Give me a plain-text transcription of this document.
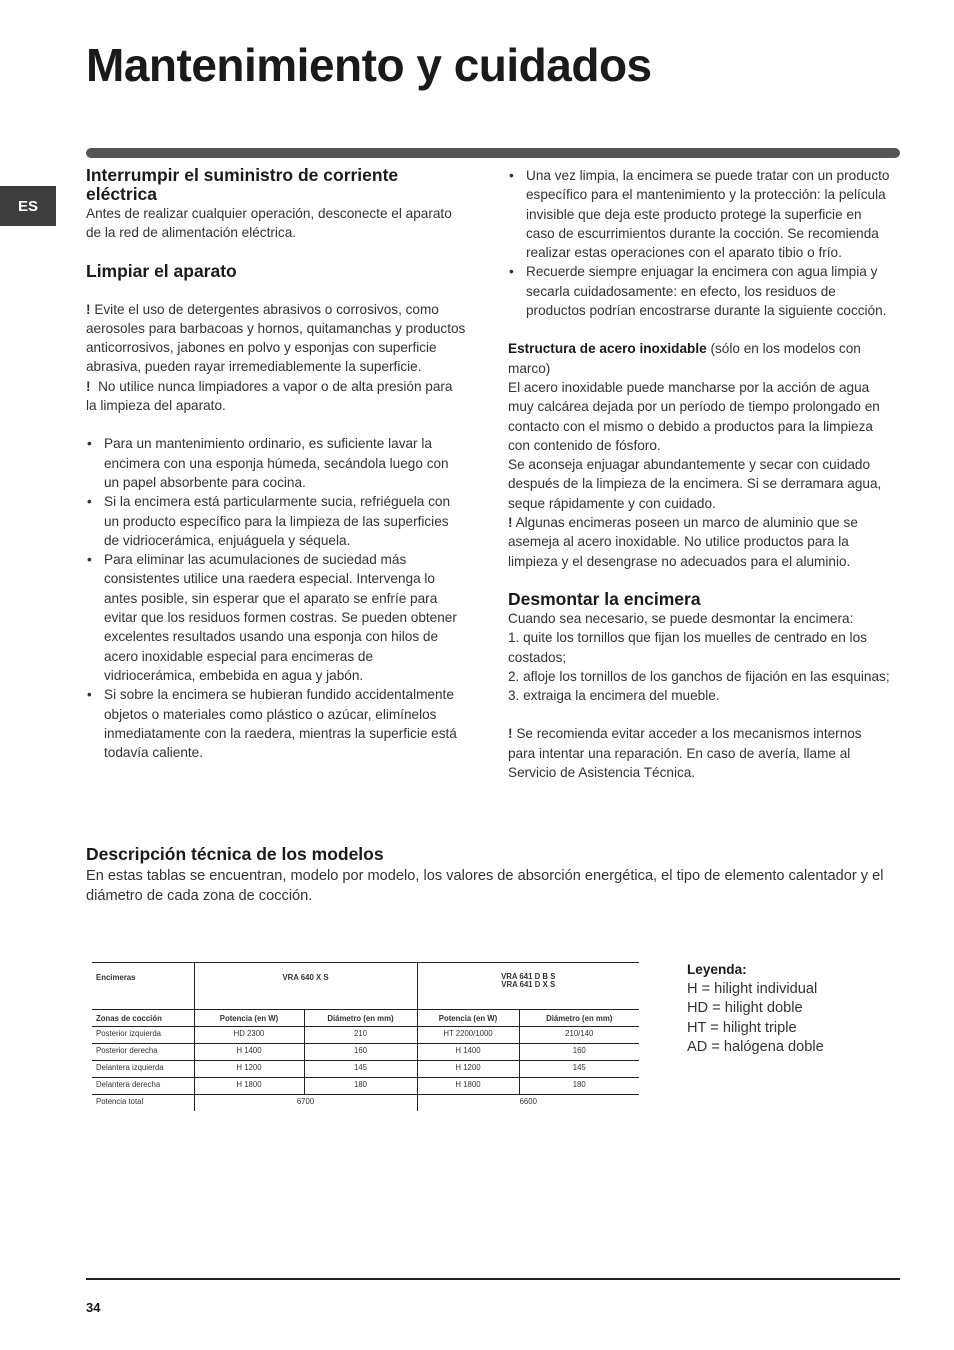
Mantenimiento y cuidados
ES
Interrumpir el suministro de corriente eléctrica

Antes de realizar cualquier operación, desconecte el aparato de la red de alimentación eléctrica.

Limpiar el aparato

! Evite el uso de detergentes abrasivos o corrosivos, como aerosoles para barbacoas y hornos, quitamanchas y productos anticorrosivos, jabones en polvo y esponjas con superficie abrasiva, pueden rayar irremediablemente la superficie.

! No utilice nunca limpiadores a vapor o de alta presión para la limpieza del aparato.

• Para un mantenimiento ordinario, es suficiente lavar la encimera con una esponja húmeda, secándola luego con un papel absorbente para cocina.
• Si la encimera está particularmente sucia, refriéguela con un producto específico para la limpieza de las superficies de vidriocerámica, enjuáguela y séquela.
• Para eliminar las acumulaciones de suciedad más consistentes utilice una raedera especial. Intervenga lo antes posible, sin esperar que el aparato se enfríe para evitar que los residuos formen costras. Se pueden obtener excelentes resultados usando una esponja con hilos de acero inoxidable especial para encimeras de vidriocerámica, embebida en agua y jabón.
• Si sobre la encimera se hubieran fundido accidentalmente objetos o materiales como plástico o azúcar, elimínelos inmediatamente con la raedera, mientras la superficie está todavía caliente.
• Una vez limpia, la encimera se puede tratar con un producto específico para el mantenimiento y la protección: la película invisible que deja este producto protege la superficie en caso de escurrimientos durante la cocción. Se recomienda realizar estas operaciones con el aparato tibio o frío.
• Recuerde siempre enjuagar la encimera con agua limpia y secarla cuidadosamente: en efecto, los residuos de productos podrían encostrarse durante la siguiente cocción.

Estructura de acero inoxidable (sólo en los modelos con marco)

El acero inoxidable puede mancharse por la acción de agua muy calcárea dejada por un período de tiempo prolongado en contacto con el mismo o debido a productos para la limpieza con contenido de fósforo.

Se aconseja enjuagar abundantemente y secar con cuidado después de la limpieza de la encimera. Si se derramara agua, seque rápidamente y con cuidado.

! Algunas encimeras poseen un marco de aluminio que se asemeja al acero inoxidable. No utilice productos para la limpieza y el desengrase no adecuados para el aluminio.

Desmontar la encimera

Cuando sea necesario, se puede desmontar la encimera:

1. quite los tornillos que fijan los muelles de centrado en los costados;

2. afloje los tornillos de los ganchos de fijación en las esquinas;

3. extraiga la encimera del mueble.

! Se recomienda evitar acceder a los mecanismos internos para intentar una reparación. En caso de avería, llame al Servicio de Asistencia Técnica.

Descripción técnica de los modelos

En estas tablas se encuentran, modelo por modelo, los valores de absorción energética, el tipo de elemento calentador y el diámetro de cada zona de cocción.

Encimeras	VRA 640 X S		VRA 641 D B S
VRA 641 D X S	

Zonas de cocción	Potencia (en W)	Diámetro (en mm)	Potencia (en W)	Diámetro (en mm)
Posterior izquierda	HD 2300	210	HT 2200/1000	210/140
Posterior derecha	H 1400	160	H 1400	160
Delantera izquierda	H 1200	145	H 1200	145
Delantera derecha	H 1800	180	H 1800	180
Potencia total	6700		6600	
Leyenda:
H = hilight individual
HD = hilight doble
HT = hilight triple
AD = halógena doble
34
